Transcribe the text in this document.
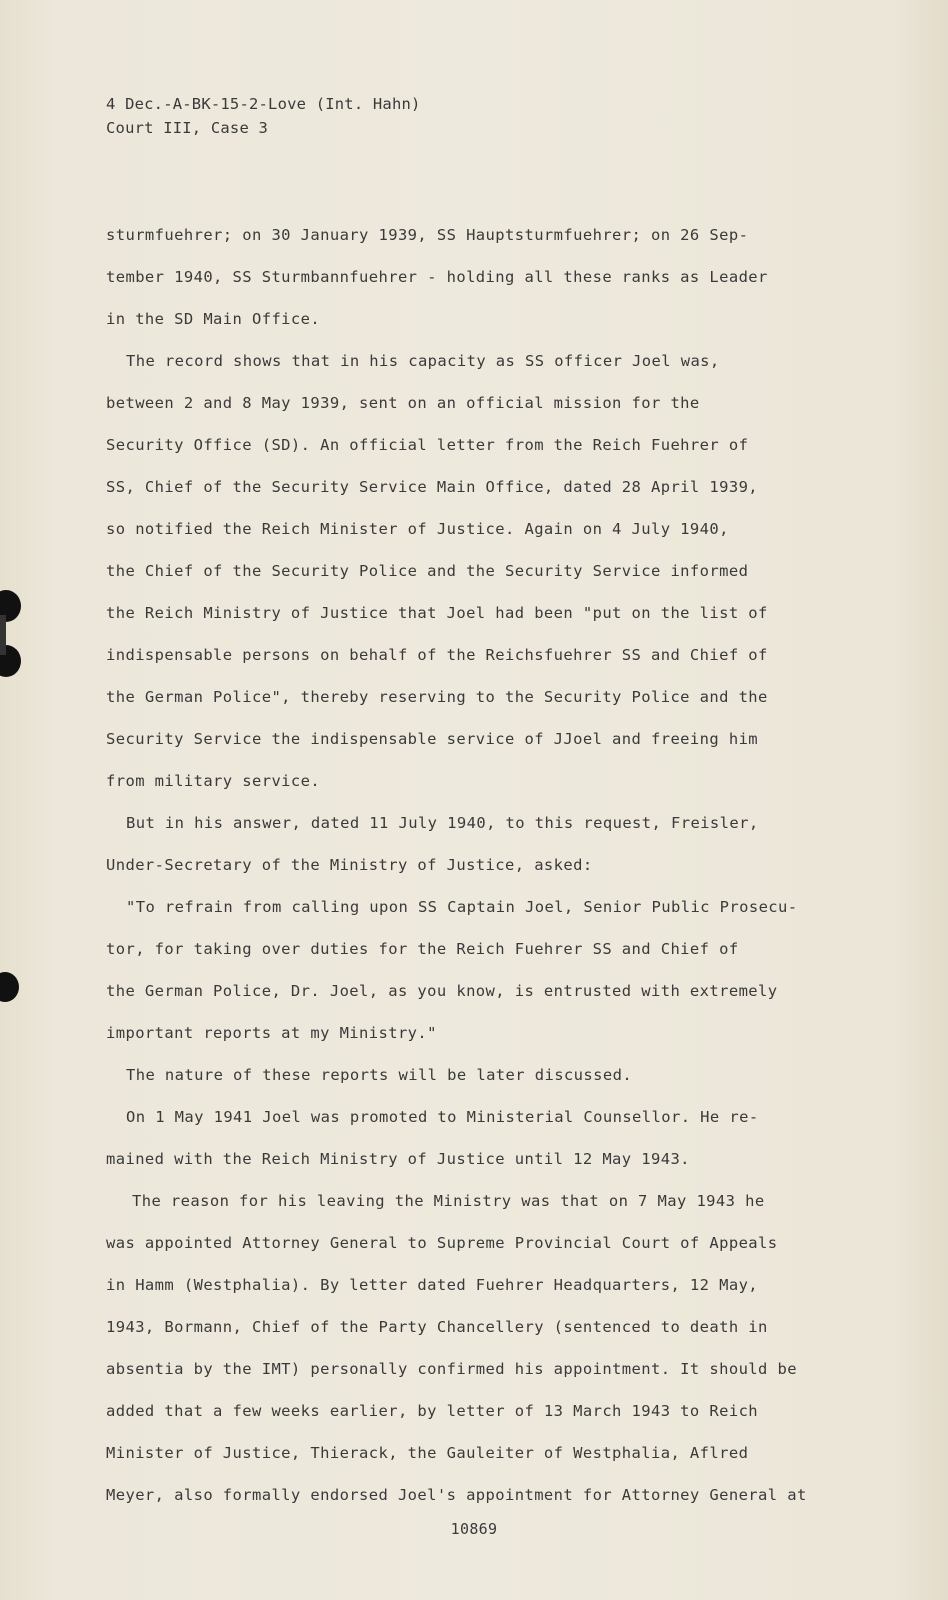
4 Dec.-A-BK-15-2-Love (Int. Hahn)
Court III, Case 3
sturmfuehrer; on 30 January 1939, SS Hauptsturmfuehrer; on 26 Sep-
tember 1940, SS Sturmbannfuehrer - holding all these ranks as Leader
in the SD Main Office.
The record shows that in his capacity as SS officer Joel was,
between 2 and 8 May 1939, sent on an official mission for the
Security Office (SD). An official letter from the Reich Fuehrer of
SS, Chief of the Security Service Main Office, dated 28 April 1939,
so notified the Reich Minister of Justice. Again on 4 July 1940,
the Chief of the Security Police and the Security Service informed
the Reich Ministry of Justice that Joel had been "put on the list of
indispensable persons on behalf of the Reichsfuehrer SS and Chief of
the German Police", thereby reserving to the Security Police and the
Security Service the indispensable service of JJoel and freeing him
from military service.
But in his answer, dated 11 July 1940, to this request, Freisler,
Under-Secretary of the Ministry of Justice, asked:
"To refrain from calling upon SS Captain Joel, Senior Public Prosecu-
tor, for taking over duties for the Reich Fuehrer SS and Chief of
the German Police, Dr. Joel, as you know, is entrusted with extremely
important reports at my Ministry."
The nature of these reports will be later discussed.
On 1 May 1941 Joel was promoted to Ministerial Counsellor. He re-
mained with the Reich Ministry of Justice until 12 May 1943.
The reason for his leaving the Ministry was that on 7 May 1943 he
was appointed Attorney General to Supreme Provincial Court of Appeals
in Hamm (Westphalia). By letter dated Fuehrer Headquarters, 12 May,
1943, Bormann, Chief of the Party Chancellery (sentenced to death in
absentia by the IMT) personally confirmed his appointment. It should be
added that a few weeks earlier, by letter of 13 March 1943 to Reich
Minister of Justice, Thierack, the Gauleiter of Westphalia, Aflred
Meyer, also formally endorsed Joel's appointment for Attorney General at
10869
